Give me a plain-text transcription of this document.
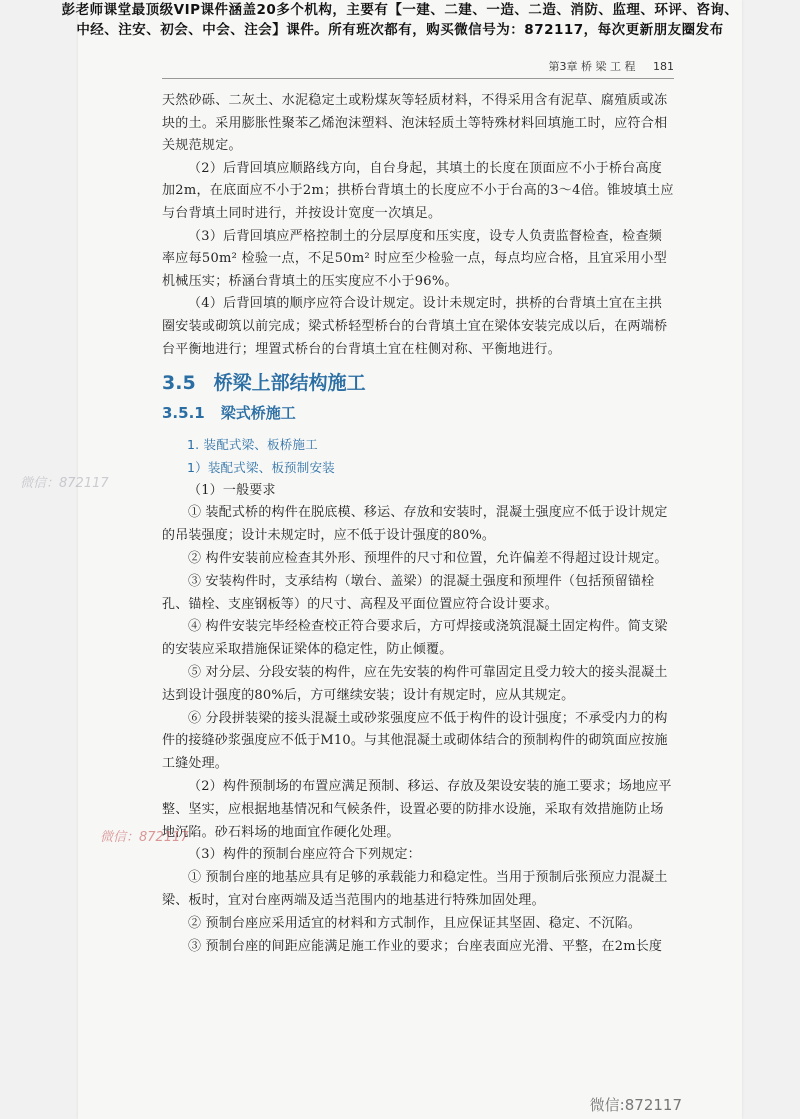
彭老师课堂最顶级VIP课件涵盖20多个机构，主要有【一建、二建、一造、二造、消防、监理、环评、咨询、
中经、注安、初会、中会、注会】课件。所有班次都有，购买微信号为：872117，每次更新朋友圈发布
第3章 桥 梁 工 程 181

天然砂砾、二灰土、水泥稳定土或粉煤灰等轻质材料，不得采用含有泥草、腐殖质或冻块的土。采用膨胀性聚苯乙烯泡沫塑料、泡沫轻质土等特殊材料回填施工时，应符合相关规范规定。

（2）后背回填应顺路线方向，自台身起，其填土的长度在顶面应不小于桥台高度加2m，在底面应不小于2m；拱桥台背填土的长度应不小于台高的3～4倍。锥坡填土应与台背填土同时进行，并按设计宽度一次填足。

（3）后背回填应严格控制土的分层厚度和压实度，设专人负责监督检查，检查频率应每50m² 检验一点，不足50m² 时应至少检验一点，每点均应合格，且宜采用小型机械压实；桥涵台背填土的压实度应不小于96%。

（4）后背回填的顺序应符合设计规定。设计未规定时，拱桥的台背填土宜在主拱圈安装或砌筑以前完成；梁式桥轻型桥台的台背填土宜在梁体安装完成以后，在两端桥台平衡地进行；埋置式桥台的台背填土宜在柱侧对称、平衡地进行。

3.5 桥梁上部结构施工
3.5.1 梁式桥施工

1. 装配式梁、板桥施工

1）装配式梁、板预制安装

（1）一般要求

① 装配式桥的构件在脱底模、移运、存放和安装时，混凝土强度应不低于设计规定的吊装强度；设计未规定时，应不低于设计强度的80%。

② 构件安装前应检查其外形、预埋件的尺寸和位置，允许偏差不得超过设计规定。

③ 安装构件时，支承结构（墩台、盖梁）的混凝土强度和预埋件（包括预留锚栓孔、锚栓、支座钢板等）的尺寸、高程及平面位置应符合设计要求。

④ 构件安装完毕经检查校正符合要求后，方可焊接或浇筑混凝土固定构件。简支梁的安装应采取措施保证梁体的稳定性，防止倾覆。

⑤ 对分层、分段安装的构件，应在先安装的构件可靠固定且受力较大的接头混凝土达到设计强度的80%后，方可继续安装；设计有规定时，应从其规定。

⑥ 分段拼装梁的接头混凝土或砂浆强度应不低于构件的设计强度；不承受内力的构件的接缝砂浆强度应不低于M10。与其他混凝土或砌体结合的预制构件的砌筑面应按施工缝处理。

（2）构件预制场的布置应满足预制、移运、存放及架设安装的施工要求；场地应平整、坚实，应根据地基情况和气候条件，设置必要的防排水设施，采取有效措施防止场地沉陷。砂石料场的地面宜作硬化处理。

（3）构件的预制台座应符合下列规定：

① 预制台座的地基应具有足够的承载能力和稳定性。当用于预制后张预应力混凝土梁、板时，宜对台座两端及适当范围内的地基进行特殊加固处理。

② 预制台座应采用适宜的材料和方式制作，且应保证其坚固、稳定、不沉陷。

③ 预制台座的间距应能满足施工作业的要求；台座表面应光滑、平整，在2m长度

微信：872117
微信：872117
微信:872117
